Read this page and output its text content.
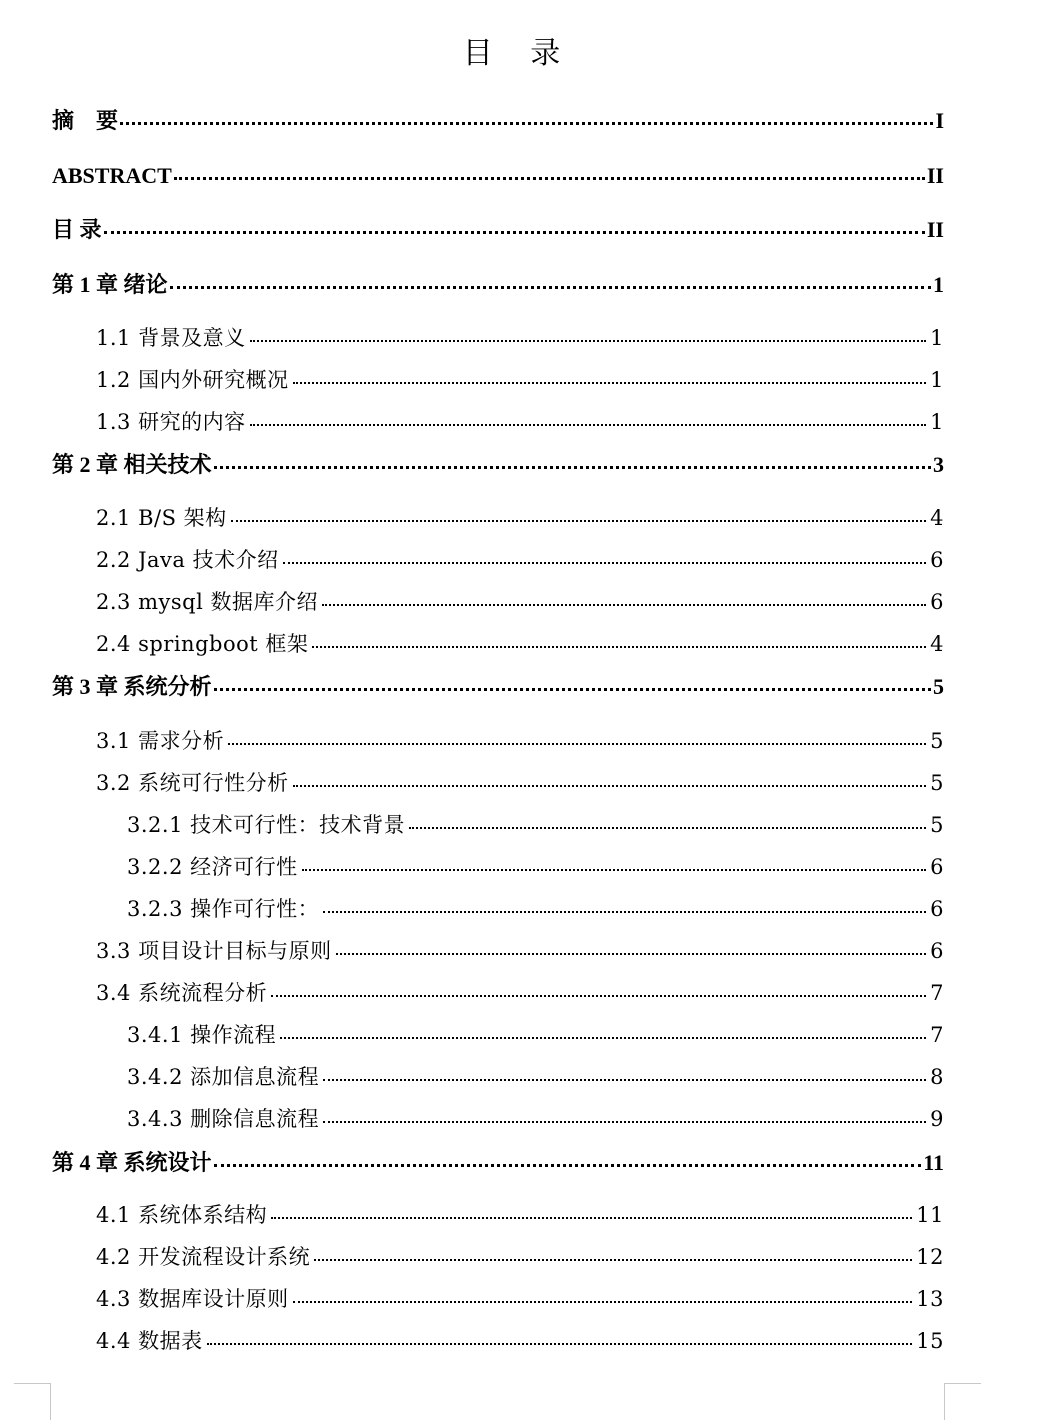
目 录
摘　要	I
ABSTRACT	II
目 录	II
第 1 章 绪论	1
1.1 背景及意义	1
1.2 国内外研究概况	1
1.3 研究的内容	1
第 2 章 相关技术	3
2.1 B/S 架构	4
2.2 Java 技术介绍	6
2.3 mysql 数据库介绍	6
2.4 springboot 框架	4
第 3 章 系统分析	5
3.1 需求分析	5
3.2 系统可行性分析	5
3.2.1 技术可行性：技术背景	5
3.2.2 经济可行性	6
3.2.3 操作可行性：	6
3.3 项目设计目标与原则	6
3.4 系统流程分析	7
3.4.1 操作流程	7
3.4.2 添加信息流程	8
3.4.3 删除信息流程	9
第 4 章 系统设计	11
4.1 系统体系结构	11
4.2 开发流程设计系统	12
4.3 数据库设计原则	13
4.4 数据表	15
